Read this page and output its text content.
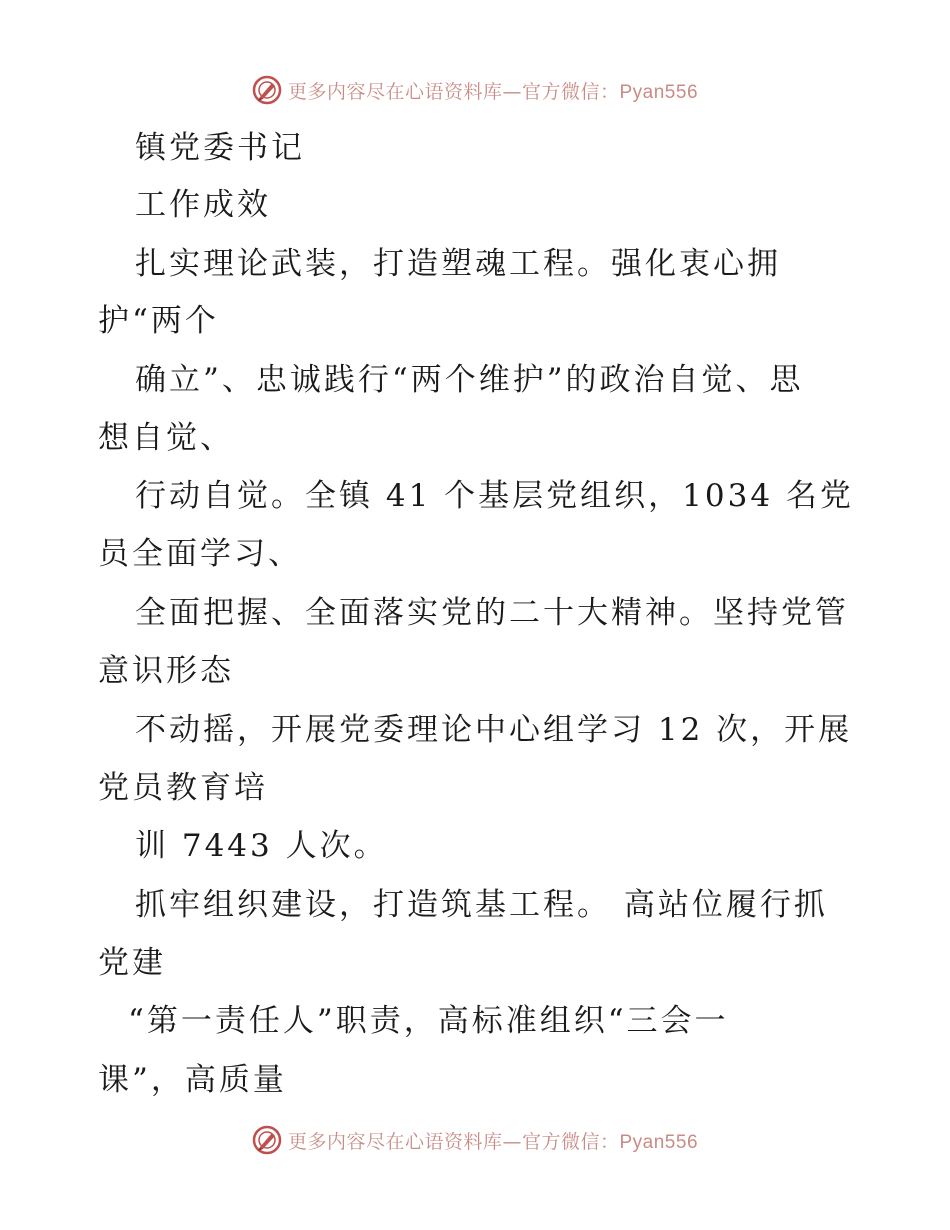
更多内容尽在心语资料库—官方微信：Pyan556
镇党委书记
工作成效
扎实理论武装，打造塑魂工程。强化衷心拥
护“两个
确立”、忠诚践行“两个维护”的政治自觉、思
想自觉、
行动自觉。全镇 41 个基层党组织，1034 名党
员全面学习、
全面把握、全面落实党的二十大精神。坚持党管
意识形态
不动摇，开展党委理论中心组学习 12 次，开展
党员教育培
训 7443 人次。
抓牢组织建设，打造筑基工程。 高站位履行抓
党建
“第一责任人”职责，高标准组织“三会一
课”，高质量
更多内容尽在心语资料库—官方微信：Pyan556
